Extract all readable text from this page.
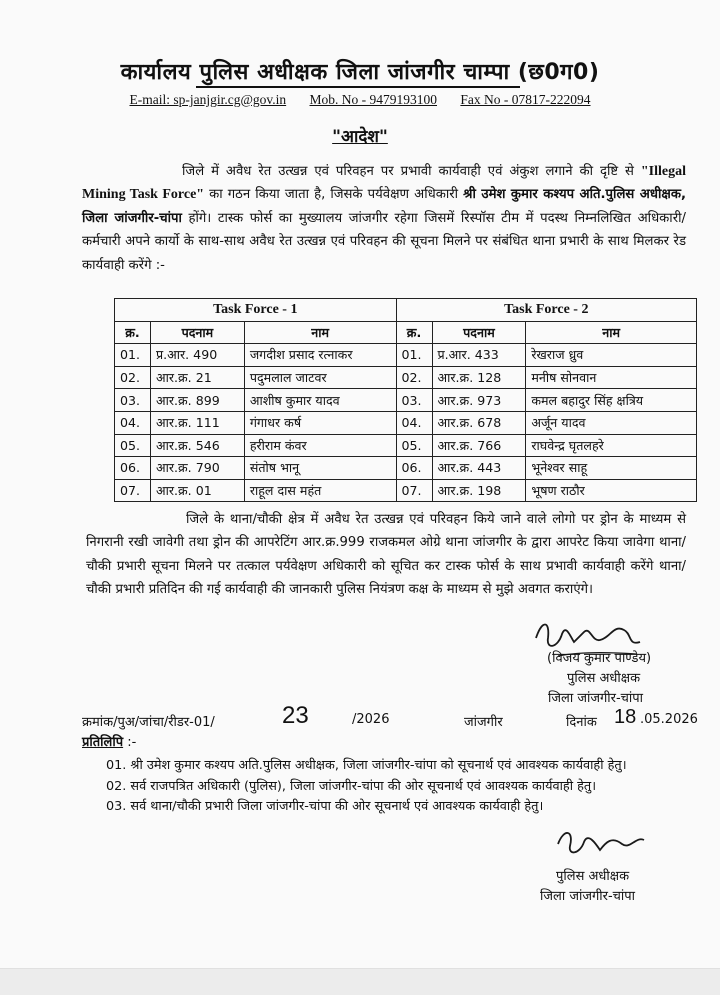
कार्यालय पुलिस अधीक्षक जिला जांजगीर चाम्पा (छ0ग0)
E-mail: sp-janjgir.cg@gov.in Mob. No - 9479193100 Fax No - 07817-222094
"आदेश"

जिले में अवैध रेत उत्खन्न एवं परिवहन पर प्रभावी कार्यवाही एवं अंकुश लगाने की दृष्टि से "Illegal Mining Task Force" का गठन किया जाता है, जिसके पर्यवेक्षण अधिकारी श्री उमेश कुमार कश्यप अति.पुलिस अधीक्षक, जिला जांजगीर-चांपा होंगे। टास्क फोर्स का मुख्यालय जांजगीर रहेगा जिसमें रिस्पॉस टीम में पदस्थ निम्नलिखित अधिकारी/कर्मचारी अपने कार्यो के साथ-साथ अवैध रेत उत्खन्न एवं परिवहन की सूचना मिलने पर संबंधित थाना प्रभारी के साथ मिलकर रेड कार्यवाही करेंगे :-

Task Force - 1			Task Force - 2		
क्र.	पदनाम	नाम	क्र.	पदनाम	नाम
01.	प्र.आर. 490	जगदीश प्रसाद रत्नाकर	01.	प्र.आर. 433	रेखराज ध्रुव
02.	आर.क्र. 21	पदुमलाल जाटवर	02.	आर.क्र. 128	मनीष सोनवान
03.	आर.क्र. 899	आशीष कुमार यादव	03.	आर.क्र. 973	कमल बहादुर सिंह क्षत्रिय
04.	आर.क्र. 111	गंगाधर कर्ष	04.	आर.क्र. 678	अर्जून यादव
05.	आर.क्र. 546	हरीराम कंवर	05.	आर.क्र. 766	राघवेन्द्र घृतलहरे
06.	आर.क्र. 790	संतोष भानू	06.	आर.क्र. 443	भूनेश्वर साहू
07.	आर.क्र. 01	राहूल दास महंत	07.	आर.क्र. 198	भूषण राठौर

जिले के थाना/चौकी क्षेत्र में अवैध रेत उत्खन्न एवं परिवहन किये जाने वाले लोगो पर ड्रोन के माध्यम से निगरानी रखी जावेगी तथा ड्रोन की आपरेटिंग आर.क्र.999 राजकमल ओग्रे थाना जांजगीर के द्वारा आपरेट किया जावेगा थाना/चौकी प्रभारी सूचना मिलने पर तत्काल पर्यवेक्षण अधिकारी को सूचित कर टास्क फोर्स के साथ प्रभावी कार्यवाही करेंगे थाना/चौकी प्रभारी प्रतिदिन की गई कार्यवाही की जानकारी पुलिस नियंत्रण कक्ष के माध्यम से मुझे अवगत कराएंगे।

(विजय कुमार पाण्डेय)
पुलिस अधीक्षक
जिला जांजगीर-चांपा
क्रमांक/पुअ/जांचा/रीडर-01/	23	/2026	जांजगीर	दिनांक 18 .05.2026
प्रतिलिपि :-
01. श्री उमेश कुमार कश्यप अति.पुलिस अधीक्षक, जिला जांजगीर-चांपा को सूचनार्थ एवं आवश्यक कार्यवाही हेतु।
02. सर्व राजपत्रित अधिकारी (पुलिस), जिला जांजगीर-चांपा की ओर सूचनार्थ एवं आवश्यक कार्यवाही हेतु।
03. सर्व थाना/चौकी प्रभारी जिला जांजगीर-चांपा की ओर सूचनार्थ एवं आवश्यक कार्यवाही हेतु।
पुलिस अधीक्षक
जिला जांजगीर-चांपा
